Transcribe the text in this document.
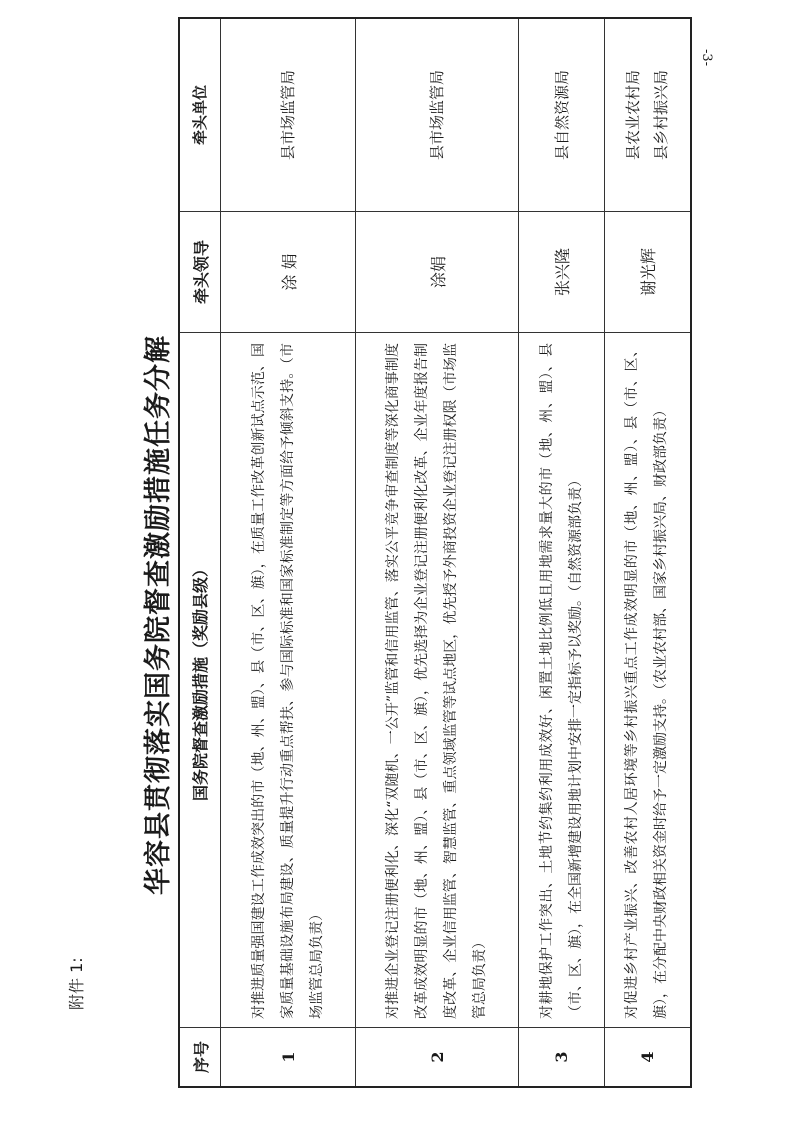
-3-
附件 1:
华容县贯彻落实国务院督查激励措施任务分解
序号	国务院督查激励措施（奖励县级）	牵头领导	牵头单位
1	对推进质量强国建设工作成效突出的市（地、州、盟）、县（市、区、旗），在质量工作改革创新试点示范、国家质量基础设施布局建设、质量提升行动重点帮扶、参与国际标准和国家标准制定等方面给予倾斜支持。（市场监管总局负责）	涂 娟	县市场监管局
2	对推进企业登记注册便利化、深化“双随机、一公开”监管和信用监管、落实公平竞争审查制度等深化商事制度改革成效明显的市（地、州、盟）、县（市、区、旗），优先选择为企业登记注册便利化改革、企业年度报告制度改革、企业信用监管、智慧监管、重点领域监管等试点地区，优先授予外商投资企业登记注册权限（市场监管总局负责）	涂娟	县市场监管局
3	对耕地保护工作突出、土地节约集约利用成效好、闲置土地比例低且用地需求量大的市（地、州、盟）、县（市、区、旗），在全国新增建设用地计划中安排一定指标予以奖励。（自然资源部负责）	张兴隆	县自然资源局
4	对促进乡村产业振兴、改善农村人居环境等乡村振兴重点工作成效明显的市（地、州、盟）、县（市、区、旗），在分配中央财政相关资金时给予一定激励支持。（农业农村部、国家乡村振兴局、财政部负责）	谢光辉	县农业农村局 县乡村振兴局
